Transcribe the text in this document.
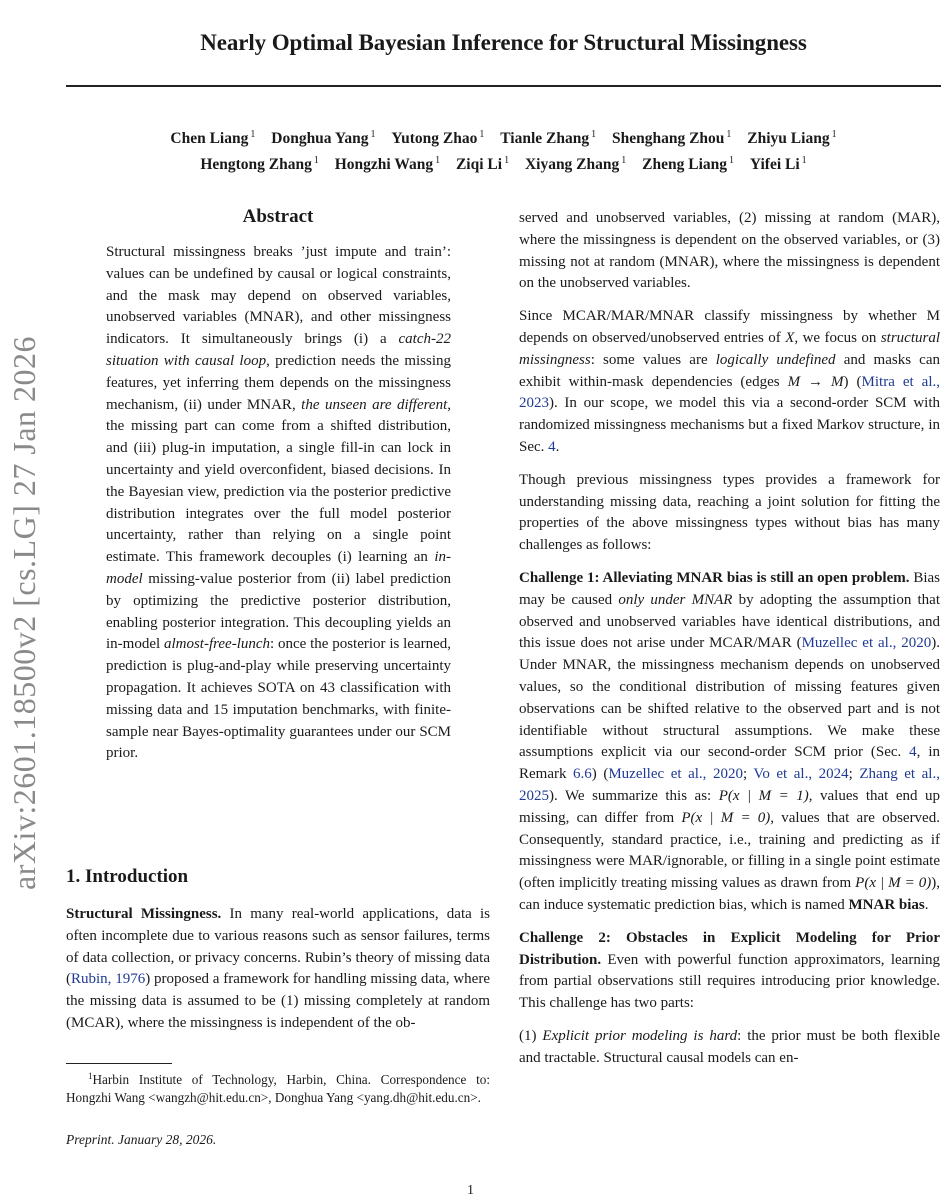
Nearly Optimal Bayesian Inference for Structural Missingness
Chen Liang $^1$ Donghua Yang $^1$ Yutong Zhao $^1$ Tianle Zhang $^1$ Shenghang Zhou $^1$ Zhiyu Liang $^1$
Hengtong Zhang $^1$ Hongzhi Wang $^1$ Ziqi Li $^1$ Xiyang Zhang $^1$ Zheng Liang $^1$ Yifei Li $^1$
arXiv:2601.18500v2 [cs.LG] 27 Jan 2026
Abstract
Structural missingness breaks ’just impute and train’: values can be undefined by causal or logical constraints, and the mask may depend on observed variables, unobserved variables (MNAR), and other missingness indicators. It simultaneously brings (i) a catch-22 situation with causal loop, prediction needs the missing features, yet inferring them depends on the missingness mechanism, (ii) under MNAR, the unseen are different, the missing part can come from a shifted distribution, and (iii) plug-in imputation, a single fill-in can lock in uncertainty and yield overconfident, biased decisions. In the Bayesian view, prediction via the posterior predictive distribution integrates over the full model posterior uncertainty, rather than relying on a single point estimate. This framework decouples (i) learning an in-model missing-value posterior from (ii) label prediction by optimizing the predictive posterior distribution, enabling posterior integration. This decoupling yields an in-model almost-free-lunch: once the posterior is learned, prediction is plug-and-play while preserving uncertainty propagation. It achieves SOTA on 43 classification with missing data and 15 imputation benchmarks, with finite-sample near Bayes-optimality guarantees under our SCM prior.
1. Introduction
Structural Missingness. In many real-world applications, data is often incomplete due to various reasons such as sensor failures, terms of data collection, or privacy concerns. Rubin’s theory of missing data (Rubin, 1976) proposed a framework for handling missing data, where the missing data is assumed to be (1) missing completely at random (MCAR), where the missingness is independent of the ob-
$^1$Harbin Institute of Technology, Harbin, China. Correspondence to: Hongzhi Wang <wangzh@hit.edu.cn>, Donghua Yang <yang.dh@hit.edu.cn>.
Preprint. January 28, 2026.

served and unobserved variables, (2) missing at random (MAR), where the missingness is dependent on the observed variables, or (3) missing not at random (MNAR), where the missingness is dependent on the unobserved variables.

Since MCAR/MAR/MNAR classify missingness by whether M depends on observed/unobserved entries of X, we focus on structural missingness: some values are logically undefined and masks can exhibit within-mask dependencies (edges M → M) (Mitra et al., 2023). In our scope, we model this via a second-order SCM with randomized missingness mechanisms but a fixed Markov structure, in Sec. 4.

Though previous missingness types provides a framework for understanding missing data, reaching a joint solution for fitting the properties of the above missingness types without bias has many challenges as follows:

Challenge 1: Alleviating MNAR bias is still an open problem. Bias may be caused only under MNAR by adopting the assumption that observed and unobserved variables have identical distributions, and this issue does not arise under MCAR/MAR (Muzellec et al., 2020). Under MNAR, the missingness mechanism depends on unobserved values, so the conditional distribution of missing features given observations can be shifted relative to the observed part and is not identifiable without structural assumptions. We make these assumptions explicit via our second-order SCM prior (Sec. 4, in Remark 6.6) (Muzellec et al., 2020; Vo et al., 2024; Zhang et al., 2025). We summarize this as: P(x | M = 1), values that end up missing, can differ from P(x | M = 0), values that are observed. Consequently, standard practice, i.e., training and predicting as if missingness were MAR/ignorable, or filling in a single point estimate (often implicitly treating missing values as drawn from P(x | M = 0)), can induce systematic prediction bias, which is named MNAR bias.

Challenge 2: Obstacles in Explicit Modeling for Prior Distribution. Even with powerful function approximators, learning from partial observations still requires introducing prior knowledge. This challenge has two parts:

(1) Explicit prior modeling is hard: the prior must be both flexible and tractable. Structural causal models can en-

1
